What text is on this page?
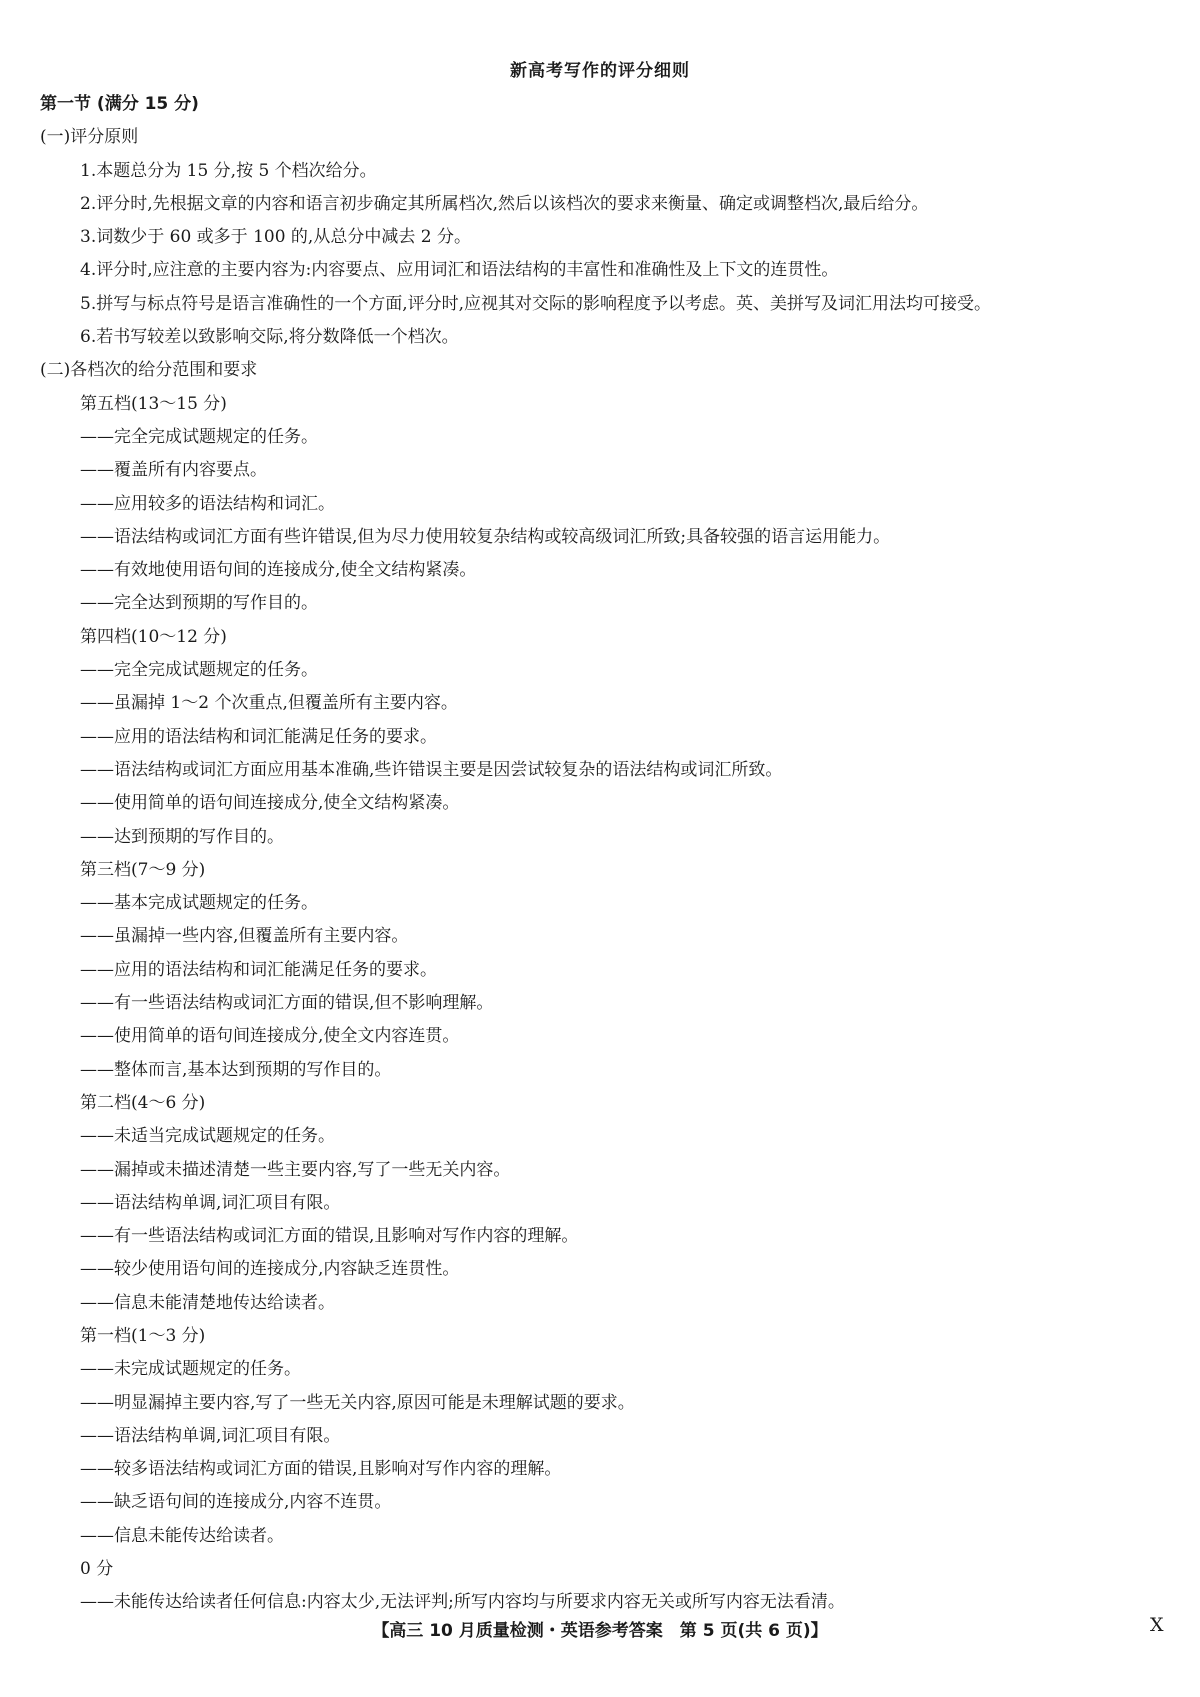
新高考写作的评分细则
第一节 (满分 15 分)
(一)评分原则
1.本题总分为 15 分,按 5 个档次给分。
2.评分时,先根据文章的内容和语言初步确定其所属档次,然后以该档次的要求来衡量、确定或调整档次,最后给分。
3.词数少于 60 或多于 100 的,从总分中减去 2 分。
4.评分时,应注意的主要内容为:内容要点、应用词汇和语法结构的丰富性和准确性及上下文的连贯性。
5.拼写与标点符号是语言准确性的一个方面,评分时,应视其对交际的影响程度予以考虑。英、美拼写及词汇用法均可接受。
6.若书写较差以致影响交际,将分数降低一个档次。
(二)各档次的给分范围和要求
第五档(13～15 分)
——完全完成试题规定的任务。
——覆盖所有内容要点。
——应用较多的语法结构和词汇。
——语法结构或词汇方面有些许错误,但为尽力使用较复杂结构或较高级词汇所致;具备较强的语言运用能力。
——有效地使用语句间的连接成分,使全文结构紧凑。
——完全达到预期的写作目的。
第四档(10～12 分)
——完全完成试题规定的任务。
——虽漏掉 1～2 个次重点,但覆盖所有主要内容。
——应用的语法结构和词汇能满足任务的要求。
——语法结构或词汇方面应用基本准确,些许错误主要是因尝试较复杂的语法结构或词汇所致。
——使用简单的语句间连接成分,使全文结构紧凑。
——达到预期的写作目的。
第三档(7～9 分)
——基本完成试题规定的任务。
——虽漏掉一些内容,但覆盖所有主要内容。
——应用的语法结构和词汇能满足任务的要求。
——有一些语法结构或词汇方面的错误,但不影响理解。
——使用简单的语句间连接成分,使全文内容连贯。
——整体而言,基本达到预期的写作目的。
第二档(4～6 分)
——未适当完成试题规定的任务。
——漏掉或未描述清楚一些主要内容,写了一些无关内容。
——语法结构单调,词汇项目有限。
——有一些语法结构或词汇方面的错误,且影响对写作内容的理解。
——较少使用语句间的连接成分,内容缺乏连贯性。
——信息未能清楚地传达给读者。
第一档(1～3 分)
——未完成试题规定的任务。
——明显漏掉主要内容,写了一些无关内容,原因可能是未理解试题的要求。
——语法结构单调,词汇项目有限。
——较多语法结构或词汇方面的错误,且影响对写作内容的理解。
——缺乏语句间的连接成分,内容不连贯。
——信息未能传达给读者。
0 分
——未能传达给读者任何信息:内容太少,无法评判;所写内容均与所要求内容无关或所写内容无法看清。
【高三 10 月质量检测・英语参考答案　第 5 页(共 6 页)】	X
